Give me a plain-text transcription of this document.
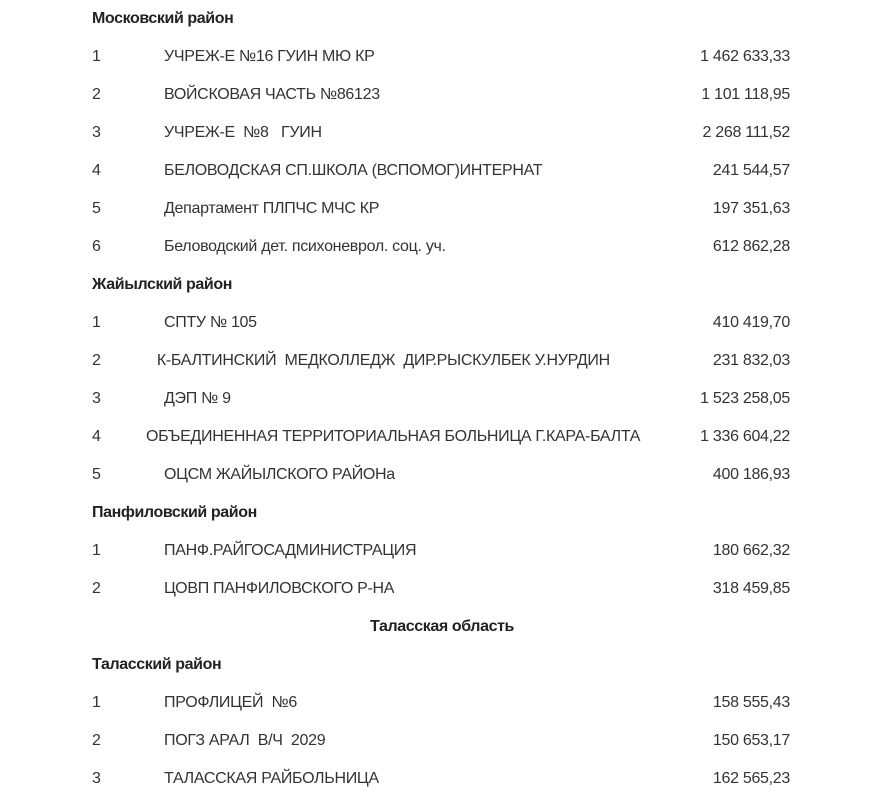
Московский район
1	УЧРЕЖ-Е №16 ГУИН МЮ КР	1 462 633,33
2	ВОЙСКОВАЯ ЧАСТЬ №86123	1 101 118,95
3	УЧРЕЖ-Е  №8   ГУИН	2 268 111,52
4	БЕЛОВОДСКАЯ СП.ШКОЛА (ВСПОМОГ)ИНТЕРНАТ	241 544,57
5	Департамент ПЛПЧС МЧС КР	197 351,63
6	Беловодский дет. психоневрол. соц. уч.	612 862,28
Жайылский район
1	СПТУ № 105	410 419,70
2	К-БАЛТИНСКИЙ  МЕДКОЛЛЕДЖ  ДИР.РЫСКУЛБЕК У.НУРДИН	231 832,03
3	ДЭП № 9	1 523 258,05
4	ОБЪЕДИНЕННАЯ ТЕРРИТОРИАЛЬНАЯ БОЛЬНИЦА Г.КАРА-БАЛТА	1 336 604,22
5	ОЦСМ ЖАЙЫЛСКОГО РАЙОНа	400 186,93
Панфиловский район
1	ПАНФ.РАЙГОСАДМИНИСТРАЦИЯ	180 662,32
2	ЦОВП ПАНФИЛОВСКОГО Р-НА	318 459,85
Таласская область
Таласский район
1	ПРОФЛИЦЕЙ  №6	158 555,43
2	ПОГЗ АРАЛ  В/Ч  2029	150 653,17
3	ТАЛАССКАЯ РАЙБОЛЬНИЦА	162 565,23
